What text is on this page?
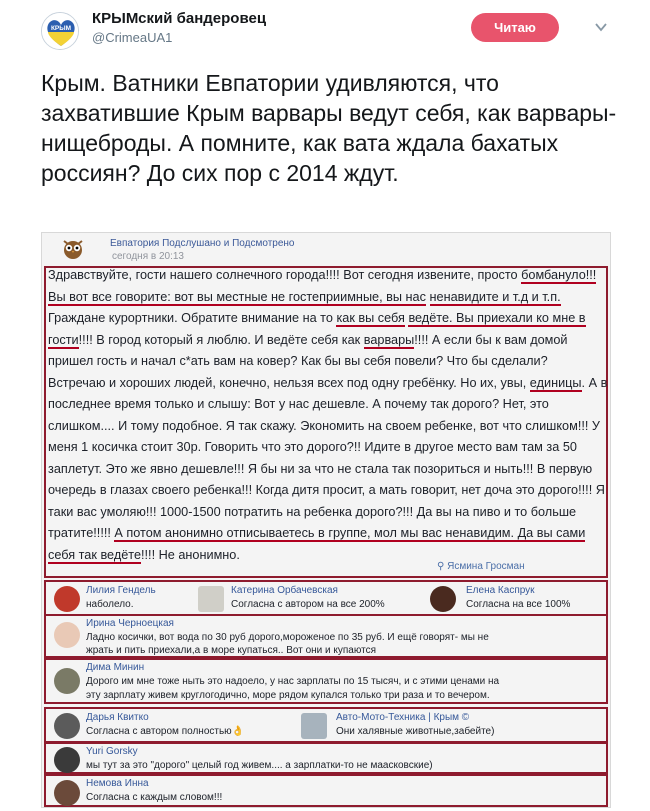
КРЫМ
КРЫМский бандеровец
@CrimeaUA1
Читаю
Крым. Ватники Евпатории удивляются, что захватившие Крым варвары ведут себя, как варвары-нищеброды. А помните, как вата ждала бахатых россиян? До сих пор с 2014 ждут.
Евпатория Подслушано и Подсмотрено
сегодня в 20:13
Здравствуйте, гости нашего солнечного города!!!! Вот сегодня извените, просто бомбануло!!! Вы вот все говорите: вот вы местные не гостеприимные, вы нас ненавидите и т.д и т.п. Граждане курортники. Обратите внимание на то как вы себя ведёте. Вы приехали ко мне в гости!!!! В город который я люблю. И ведёте себя как варвары!!!! А если бы к вам домой пришел гость и начал с*ать вам на ковер? Как бы вы себя повели? Что бы сделали? Встречаю и хороших людей, конечно, нельзя всех под одну гребёнку. Но их, увы, единицы. А в последнее время только и слышу: Вот у нас дешевле. А почему так дорого? Нет, это слишком.... И тому подобное. Я так скажу. Экономить на своем ребенке, вот что слишком!!! У меня 1 косичка стоит 30р. Говорить что это дорого?!! Идите в другое место вам там за 50 заплетут. Это же явно дешевле!!! Я бы ни за что не стала так позориться и ныть!!! В первую очередь в глазах своего ребенка!!! Когда дитя просит, а мать говорит, нет доча это дорого!!!! Я таки вас умоляю!!! 1000-1500 потратить на ребенка дорого?!!! Да вы на пиво и то больше тратите!!!!! А потом анонимно отписываетесь в группе, мол мы вас ненавидим. Да вы сами себя так ведёте!!!! Не анонимно.
⚲ Ясмина Гросман
Лилия Гендель
наболело.
Катерина Орбачевская
Согласна с автором на все 200%
Елена Каспрук
Согласна на все 100%
Ирина Черноецкая
Ладно косички, вот вода по 30 руб дорого,мороженое по 35 руб. И ещё говорят- мы не
жрать и пить приехали,а в море купаться.. Вот они и купаются
Дима Минин
Дорого им мне тоже ныть это надоело, у нас зарплаты по 15 тысяч, и с этими ценами на
эту зарплату живем круглогодично, море рядом купался только три раза и то вечером.
Дарья Квитко
Согласна с автором полностью👌
Авто-Мото-Техника | Крым ©
Они халявные животные,забейте)
Yuri Gorsky
мы тут за это "дорого" целый год живем.... а зарплатки-то не маасковские)
Немова Инна
Согласна с каждым словом!!!
